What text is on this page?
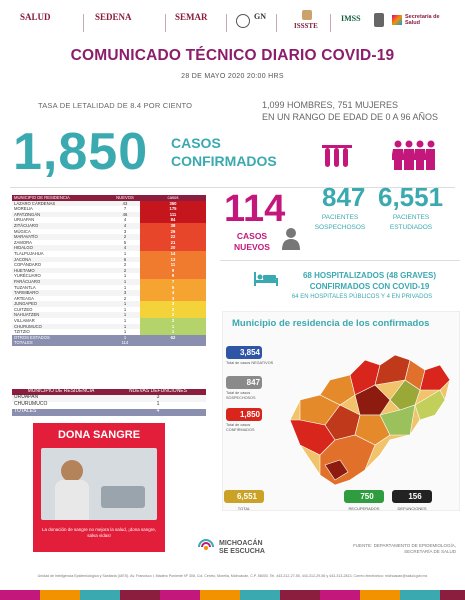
SALUD	SEDENA	SEMAR	GN
ISSSTE
IMSS	Secretaría de Salud
COMUNICADO TÉCNICO DIARIO COVID-19
28 DE MAYO 2020 20:00 HRS
TASA DE LETALIDAD DE 8.4 POR CIENTO	1,099 HOMBRES, 751 MUJERES
EN UN RANGO DE EDAD DE 0 A 96 AÑOS
1,850 CASOS
CONFIRMADOS
MUNICIPIO DE RESIDENCIA	NUEVOS	casos
LÁZARO CÁRDENAS	43	350
MORELIA	7	175
APATZINGÁN	46	111
URUAPAN	4	84
ZITÁCUARO	4	38
MÚGICA	3	26
MARAVATÍO	2	22
ZAMORA	5	21
HIDALGO	4	20
TLALPUJAHUA	1	14
JACONA	6	13
COPÁNDARO	2	11
HUETAMO	2	9
YURÉCUARO	1	9
PARÁCUARO	1	7
TUZANTLA	1	5
TARIMBARO	3	4
ARTEAGA	2	3
JUNGAPEO	1	3
CUITZEO	1	2
NAHUATZEN	1	2
VILLAMAR	1	2
CHURUMUCO	1	1
TZITZIO	1	1
OTROS ESTADOS	1	62
TOTALES	114	
MUNICIPIO DE RESIDENCIA	NUEVAS DEFUNCIONES
URUAPAN	3
CHURUMUCO	1
TOTALES	4
114
CASOS
NUEVOS
847
PACIENTES
SOSPECHOSOS
6,551
PACIENTES
ESTUDIADOS
68 HOSPITALIZADOS (48 GRAVES)
CONFIRMADOS CON COVID-19
64 EN HOSPITALES PÚBLICOS Y 4 EN PRIVADOS
Municipio de residencia de los confirmados
3,854
Total de casos NEGATIVOS
847
Total de casos SOSPECHOSOS
1,850
Total de casos CONFIRMADOS
6,551
TOTAL
750
RECUPERADOS
156
DEFUNCIONES
DONA SANGRE
La donación de sangre no mejora la salud, ¡dona sangre, salva vidas!
MICHOACÁN
SE ESCUCHA
FUENTE: DEPARTAMENTO DE EPIDEMIOLOGÍA, SECRETARÍA DE SALUD
Unidad de Inteligencia Epidemiológica y Sanitaria (UIES). Av. Francisco I. Madero Poniente Nº 308, Col. Centro, Morelia, Michoacán, C.P. 58000. Tel. 443-312-27-55, 443-312-29-56 y 443-313-2813, Correo electrónico: michoacan@salud.gob.mx
